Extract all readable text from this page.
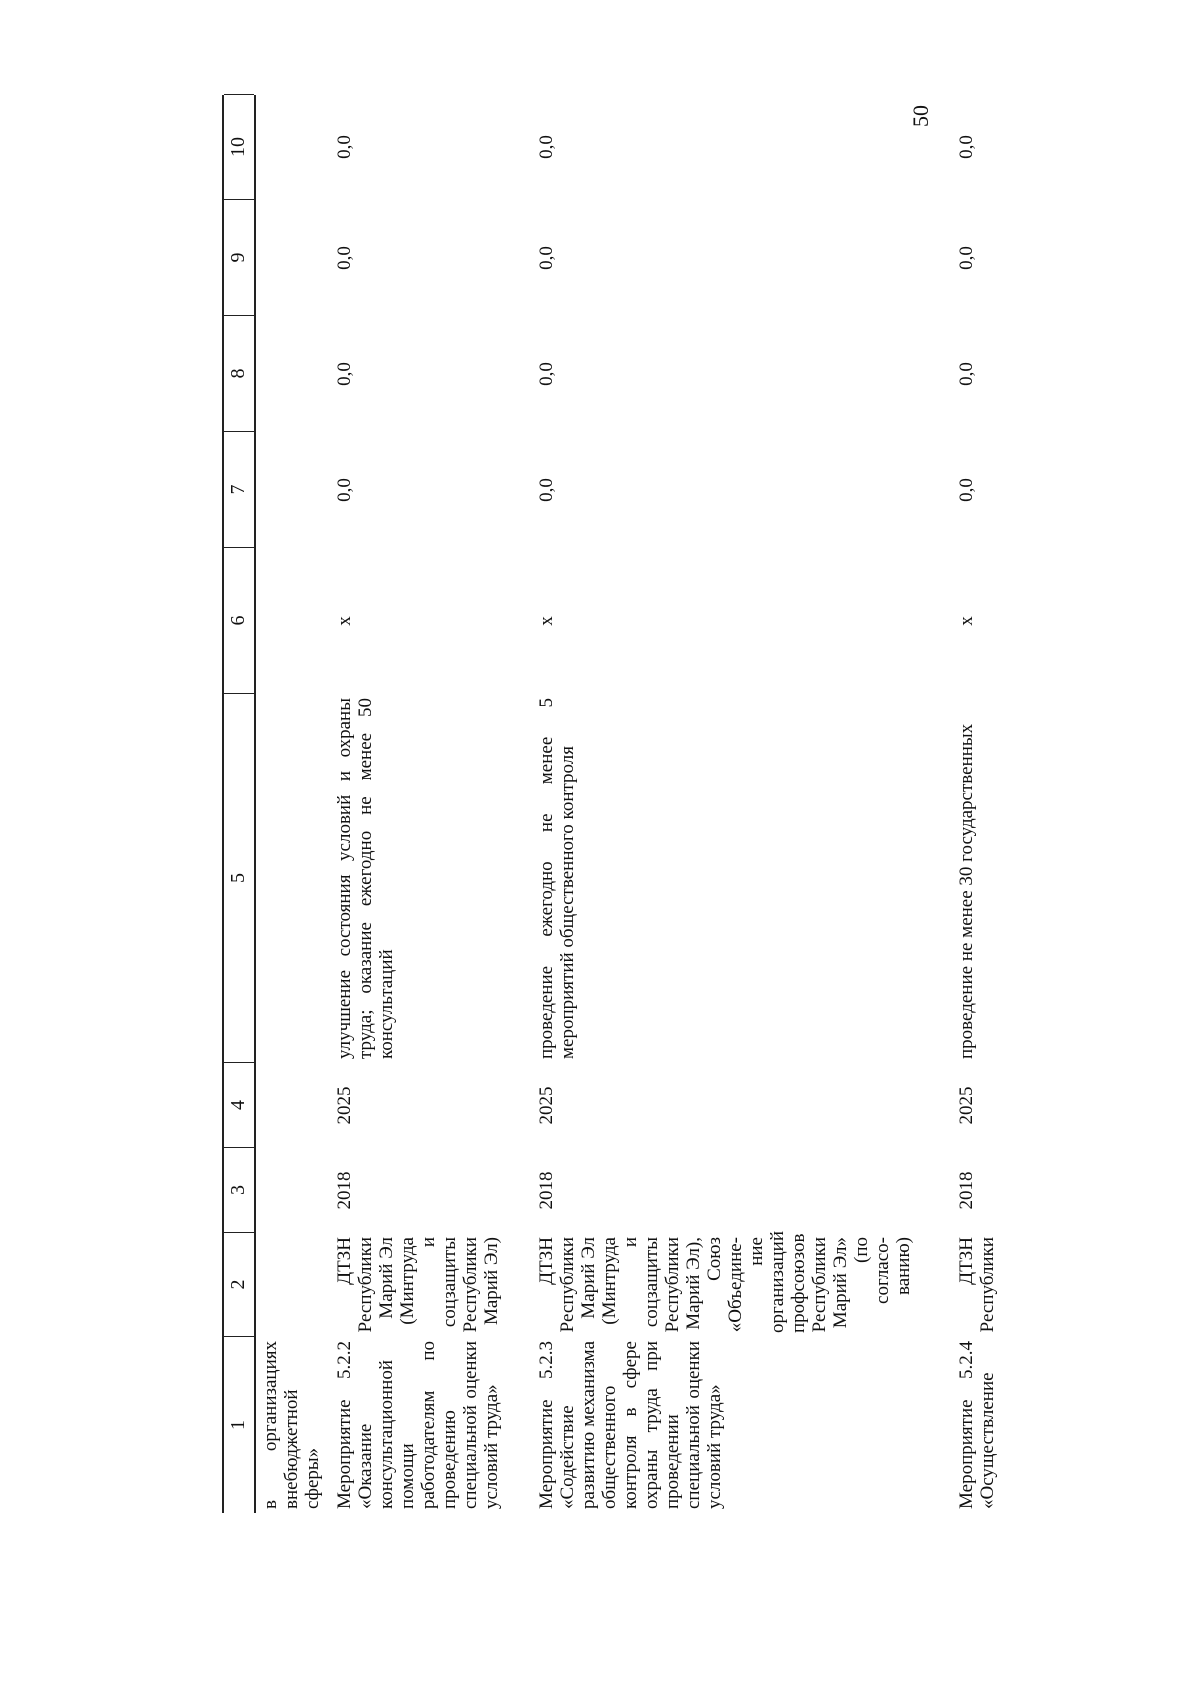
50
1
2
3
4
5
6
7
8
9
10
в организациях внебюджетной сферы» Мероприятие 5.2.2 «Оказание консультационной помощи работодателям по проведению специальной оценки условий труда»
ДТЗН Республики Марий Эл (Минтруда и соцзащиты Республики Марий Эл)
2018
2025
улучшение состояния условий и охраны труда; оказание ежегодно не менее 50 консультаций
x
0,0
0,0
0,0
0,0
Мероприятие 5.2.3 «Содействие развитию механизма общественного контроля в сфере охраны труда при проведении специальной оценки условий труда»
ДТЗН Республики Марий Эл (Минтруда и соцзащиты Республики Марий Эл), Союз «Объедине-ние организаций профсоюзов Республики Марий Эл» (по согласо-ванию)
2018
2025
проведение ежегодно не менее 5 мероприятий общественного контроля
x
0,0
0,0
0,0
0,0
Мероприятие 5.2.4 «Осуществление
ДТЗН Республики
2018
2025
проведение не менее 30 государственных
x
0,0
0,0
0,0
0,0
